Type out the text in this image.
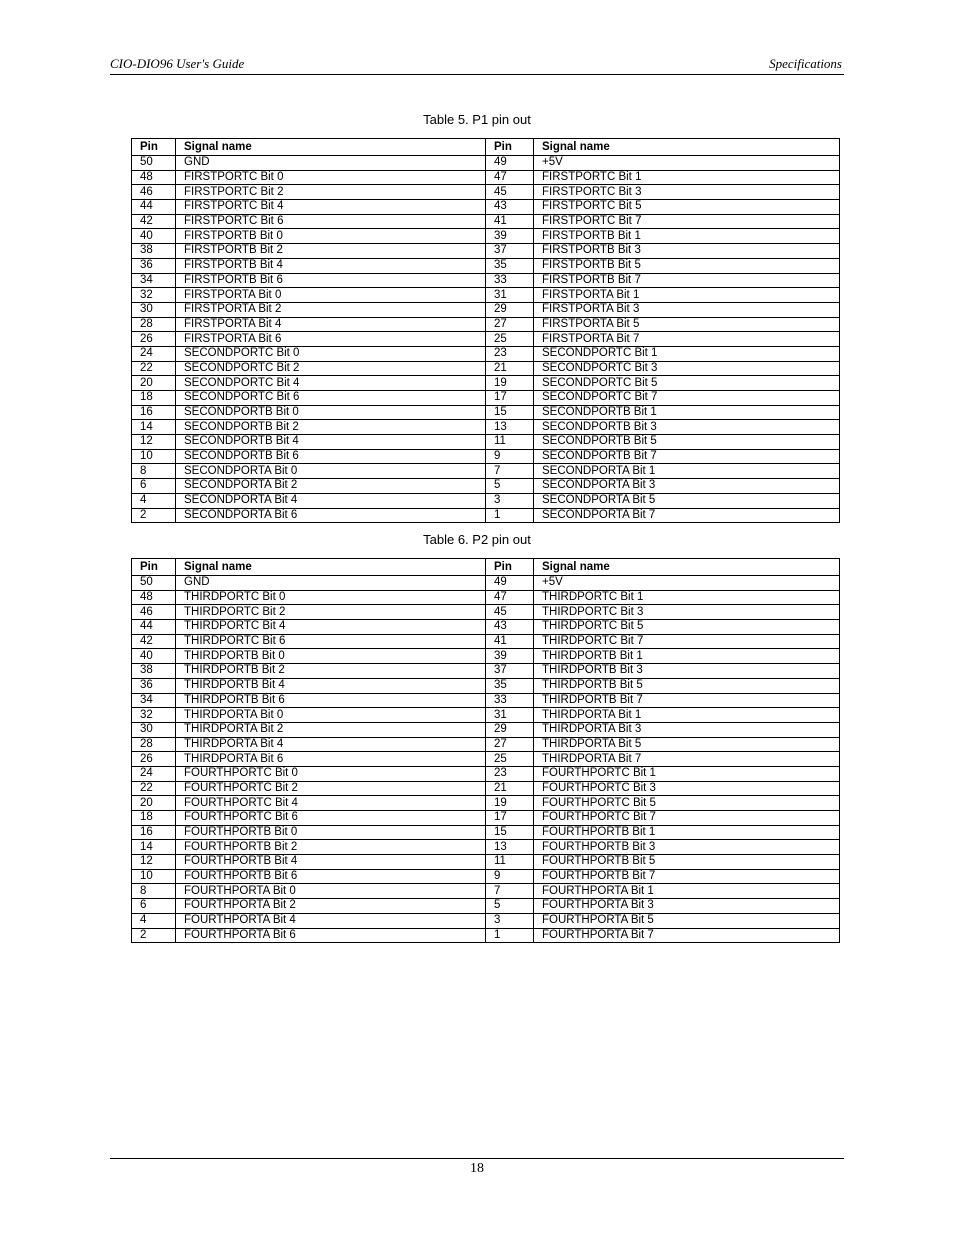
CIO-DIO96 User's Guide	Specifications
Table 5. P1 pin out
Pin	Signal name	Pin	Signal name
50	GND	49	+5V
48	FIRSTPORTC Bit 0	47	FIRSTPORTC Bit 1
46	FIRSTPORTC Bit 2	45	FIRSTPORTC Bit 3
44	FIRSTPORTC Bit 4	43	FIRSTPORTC Bit 5
42	FIRSTPORTC Bit 6	41	FIRSTPORTC Bit 7
40	FIRSTPORTB Bit 0	39	FIRSTPORTB Bit 1
38	FIRSTPORTB Bit 2	37	FIRSTPORTB Bit 3
36	FIRSTPORTB Bit 4	35	FIRSTPORTB Bit 5
34	FIRSTPORTB Bit 6	33	FIRSTPORTB Bit 7
32	FIRSTPORTA Bit 0	31	FIRSTPORTA Bit 1
30	FIRSTPORTA Bit 2	29	FIRSTPORTA Bit 3
28	FIRSTPORTA Bit 4	27	FIRSTPORTA Bit 5
26	FIRSTPORTA Bit 6	25	FIRSTPORTA Bit 7
24	SECONDPORTC Bit 0	23	SECONDPORTC Bit 1
22	SECONDPORTC Bit 2	21	SECONDPORTC Bit 3
20	SECONDPORTC Bit 4	19	SECONDPORTC Bit 5
18	SECONDPORTC Bit 6	17	SECONDPORTC Bit 7
16	SECONDPORTB Bit 0	15	SECONDPORTB Bit 1
14	SECONDPORTB Bit 2	13	SECONDPORTB Bit 3
12	SECONDPORTB Bit 4	11	SECONDPORTB Bit 5
10	SECONDPORTB Bit 6	9	SECONDPORTB Bit 7
8	SECONDPORTA Bit 0	7	SECONDPORTA Bit 1
6	SECONDPORTA Bit 2	5	SECONDPORTA Bit 3
4	SECONDPORTA Bit 4	3	SECONDPORTA Bit 5
2	SECONDPORTA Bit 6	1	SECONDPORTA Bit 7
Table 6. P2 pin out
Pin	Signal name	Pin	Signal name
50	GND	49	+5V
48	THIRDPORTC Bit 0	47	THIRDPORTC Bit 1
46	THIRDPORTC Bit 2	45	THIRDPORTC Bit 3
44	THIRDPORTC Bit 4	43	THIRDPORTC Bit 5
42	THIRDPORTC Bit 6	41	THIRDPORTC Bit 7
40	THIRDPORTB Bit 0	39	THIRDPORTB Bit 1
38	THIRDPORTB Bit 2	37	THIRDPORTB Bit 3
36	THIRDPORTB Bit 4	35	THIRDPORTB Bit 5
34	THIRDPORTB Bit 6	33	THIRDPORTB Bit 7
32	THIRDPORTA Bit 0	31	THIRDPORTA Bit 1
30	THIRDPORTA Bit 2	29	THIRDPORTA Bit 3
28	THIRDPORTA Bit 4	27	THIRDPORTA Bit 5
26	THIRDPORTA Bit 6	25	THIRDPORTA Bit 7
24	FOURTHPORTC Bit 0	23	FOURTHPORTC Bit 1
22	FOURTHPORTC Bit 2	21	FOURTHPORTC Bit 3
20	FOURTHPORTC Bit 4	19	FOURTHPORTC Bit 5
18	FOURTHPORTC Bit 6	17	FOURTHPORTC Bit 7
16	FOURTHPORTB Bit 0	15	FOURTHPORTB Bit 1
14	FOURTHPORTB Bit 2	13	FOURTHPORTB Bit 3
12	FOURTHPORTB Bit 4	11	FOURTHPORTB Bit 5
10	FOURTHPORTB Bit 6	9	FOURTHPORTB Bit 7
8	FOURTHPORTA Bit 0	7	FOURTHPORTA Bit 1
6	FOURTHPORTA Bit 2	5	FOURTHPORTA Bit 3
4	FOURTHPORTA Bit 4	3	FOURTHPORTA Bit 5
2	FOURTHPORTA Bit 6	1	FOURTHPORTA Bit 7
18
